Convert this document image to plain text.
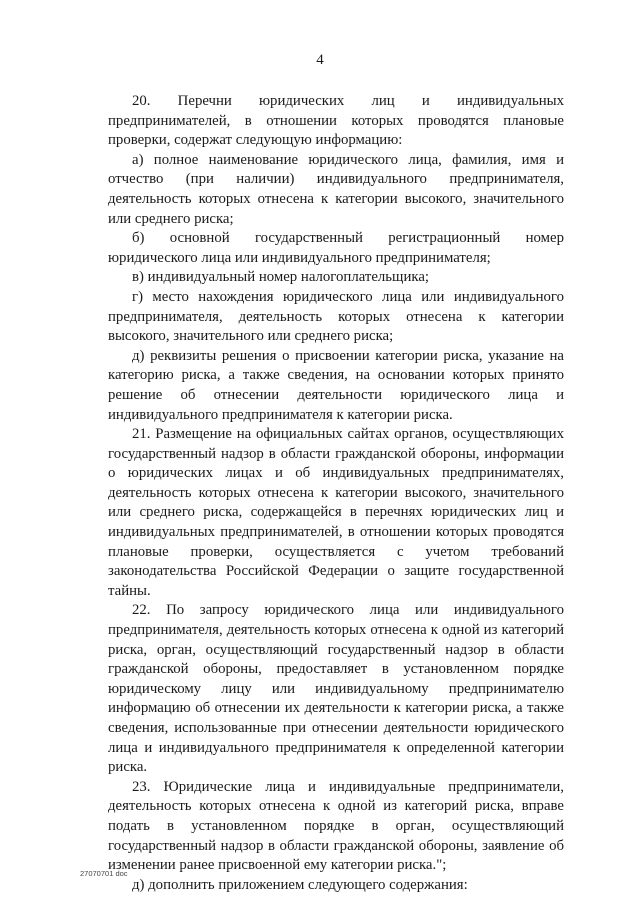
4

20. Перечни юридических лиц и индивидуальных предпринимателей, в отношении которых проводятся плановые проверки, содержат следующую информацию:

а) полное наименование юридического лица, фамилия, имя и отчество (при наличии) индивидуального предпринимателя, деятельность которых отнесена к категории высокого, значительного или среднего риска;

б) основной государственный регистрационный номер юридического лица или индивидуального предпринимателя;

в) индивидуальный номер налогоплательщика;

г) место нахождения юридического лица или индивидуального предпринимателя, деятельность которых отнесена к категории высокого, значительного или среднего риска;

д) реквизиты решения о присвоении категории риска, указание на категорию риска, а также сведения, на основании которых принято решение об отнесении деятельности юридического лица и индивидуального предпринимателя к категории риска.

21. Размещение на официальных сайтах органов, осуществляющих государственный надзор в области гражданской обороны, информации о юридических лицах и об индивидуальных предпринимателях, деятельность которых отнесена к категории высокого, значительного или среднего риска, содержащейся в перечнях юридических лиц и индивидуальных предпринимателей, в отношении которых проводятся плановые проверки, осуществляется с учетом требований законодательства Российской Федерации о защите государственной тайны.

22. По запросу юридического лица или индивидуального предпринимателя, деятельность которых отнесена к одной из категорий риска, орган, осуществляющий государственный надзор в области гражданской обороны, предоставляет в установленном порядке юридическому лицу или индивидуальному предпринимателю информацию об отнесении их деятельности к категории риска, а также сведения, использованные при отнесении деятельности юридического лица и индивидуального предпринимателя к определенной категории риска.

23. Юридические лица и индивидуальные предприниматели, деятельность которых отнесена к одной из категорий риска, вправе подать в установленном порядке в орган, осуществляющий государственный надзор в области гражданской обороны, заявление об изменении ранее присвоенной ему категории риска.";

д) дополнить приложением следующего содержания:

27070701 doc
